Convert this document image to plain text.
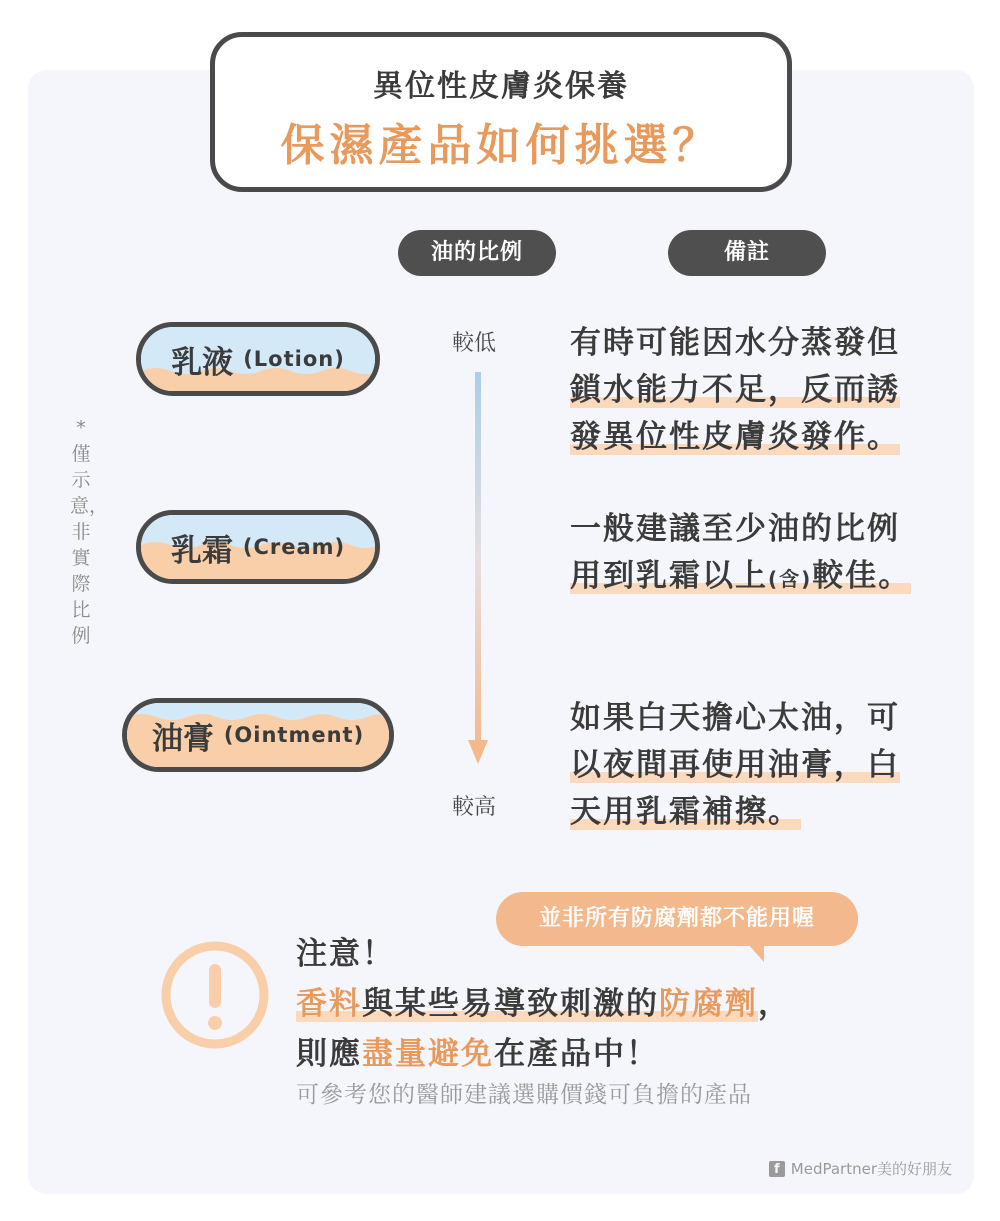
異位性皮膚炎保養
保濕產品如何挑選？
油的比例	備註
較低
較高
*僅示意，非實際比例
乳液 (Lotion)
乳霜 (Cream)
油膏 (Ointment)
有時可能因水分蒸發但
鎖水能力不足，反而誘
發異位性皮膚炎發作。
一般建議至少油的比例
用到乳霜以上(含)較佳。
如果白天擔心太油，可
以夜間再使用油膏，白
天用乳霜補擦。
並非所有防腐劑都不能用喔
注意！
香料與某些易導致刺激的防腐劑，
則應盡量避免在產品中！
可參考您的醫師建議選購價錢可負擔的產品
f MedPartner美的好朋友
